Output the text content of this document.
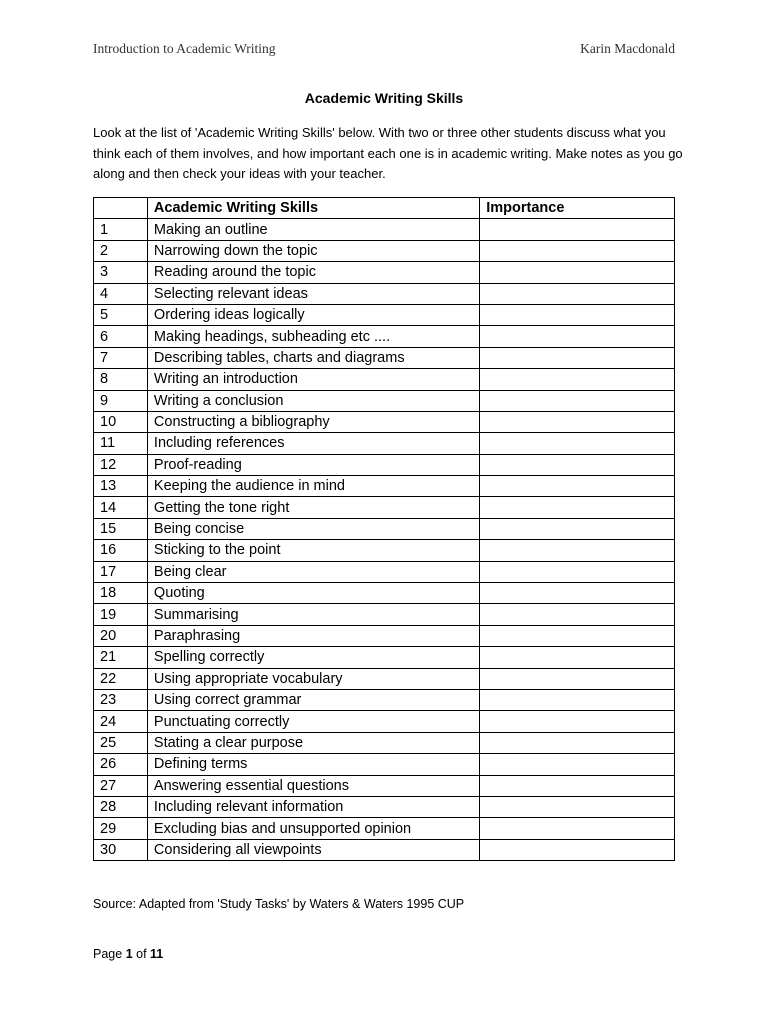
Introduction to Academic Writing	Karin Macdonald
Academic Writing Skills

Look at the list of 'Academic Writing Skills' below. With two or three other students discuss what you think each of them involves, and how important each one is in academic writing. Make notes as you go along and then check your ideas with your teacher.

	Academic Writing Skills	Importance
1	Making an outline	
2	Narrowing down the topic	
3	Reading around the topic	
4	Selecting relevant ideas	
5	Ordering ideas logically	
6	Making headings, subheading etc ....	
7	Describing tables, charts and diagrams	
8	Writing an introduction	
9	Writing a conclusion	
10	Constructing a bibliography	
11	Including references	
12	Proof-reading	
13	Keeping the audience in mind	
14	Getting the tone right	
15	Being concise	
16	Sticking to the point	
17	Being clear	
18	Quoting	
19	Summarising	
20	Paraphrasing	
21	Spelling correctly	
22	Using appropriate vocabulary	
23	Using correct grammar	
24	Punctuating correctly	
25	Stating a clear purpose	
26	Defining terms	
27	Answering essential questions	
28	Including relevant information	
29	Excluding bias and unsupported opinion	
30	Considering all viewpoints	
Source: Adapted from 'Study Tasks' by Waters & Waters 1995 CUP
Page 1 of 11
